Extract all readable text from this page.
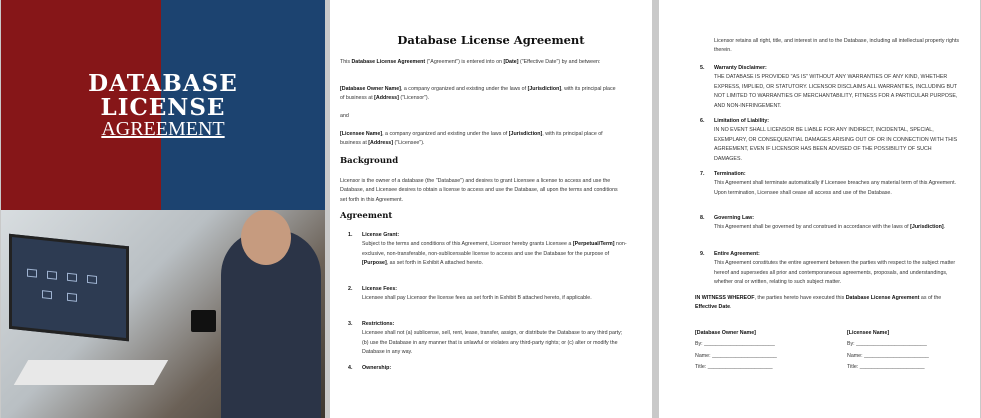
DATABASE
LICENSE
AGREEMENT
Database License Agreement
This Database License Agreement ("Agreement") is entered into on [Date] ("Effective Date") by and between:
[Database Owner Name], a company organized and existing under the laws of [Jurisdiction], with its principal place of business at [Address] ("Licensor").
and
[Licensee Name], a company organized and existing under the laws of [Jurisdiction], with its principal place of business at [Address] ("Licensee").
Background
Licensor is the owner of a database (the "Database") and desires to grant Licensee a license to access and use the Database, and Licensee desires to obtain a license to access and use the Database, all upon the terms and conditions set forth in this Agreement.
Agreement
1. License Grant:
Subject to the terms and conditions of this Agreement, Licensor hereby grants Licensee a [Perpetual/Term] non-exclusive, non-transferable, non-sublicensable license to access and use the Database for the purpose of [Purpose], as set forth in Exhibit A attached hereto.
2. License Fees:
Licensee shall pay Licensor the license fees as set forth in Exhibit B attached hereto, if applicable.
3. Restrictions:
Licensee shall not (a) sublicense, sell, rent, lease, transfer, assign, or distribute the Database to any third party; (b) use the Database in any manner that is unlawful or violates any third-party rights; or (c) alter or modify the Database in any way.
4. Ownership:
Licensor retains all right, title, and interest in and to the Database, including all intellectual property rights therein.
5. Warranty Disclaimer:
THE DATABASE IS PROVIDED "AS IS" WITHOUT ANY WARRANTIES OF ANY KIND, WHETHER EXPRESS, IMPLIED, OR STATUTORY. LICENSOR DISCLAIMS ALL WARRANTIES, INCLUDING BUT NOT LIMITED TO WARRANTIES OF MERCHANTABILITY, FITNESS FOR A PARTICULAR PURPOSE, AND NON-INFRINGEMENT.
6. Limitation of Liability:
IN NO EVENT SHALL LICENSOR BE LIABLE FOR ANY INDIRECT, INCIDENTAL, SPECIAL, EXEMPLARY, OR CONSEQUENTIAL DAMAGES ARISING OUT OF OR IN CONNECTION WITH THIS AGREEMENT, EVEN IF LICENSOR HAS BEEN ADVISED OF THE POSSIBILITY OF SUCH DAMAGES.
7. Termination:
This Agreement shall terminate automatically if Licensee breaches any material term of this Agreement. Upon termination, Licensee shall cease all access and use of the Database.
8. Governing Law:
This Agreement shall be governed by and construed in accordance with the laws of [Jurisdiction].
9. Entire Agreement:
This Agreement constitutes the entire agreement between the parties with respect to the subject matter hereof and supersedes all prior and contemporaneous agreements, proposals, and understandings, whether oral or written, relating to such subject matter.
IN WITNESS WHEREOF, the parties hereto have executed this Database License Agreement as of the Effective Date.
[Database Owner Name]
By: ________________________
Name: ______________________
Title: ______________________
[Licensee Name]
By: ________________________
Name: ______________________
Title: ______________________
